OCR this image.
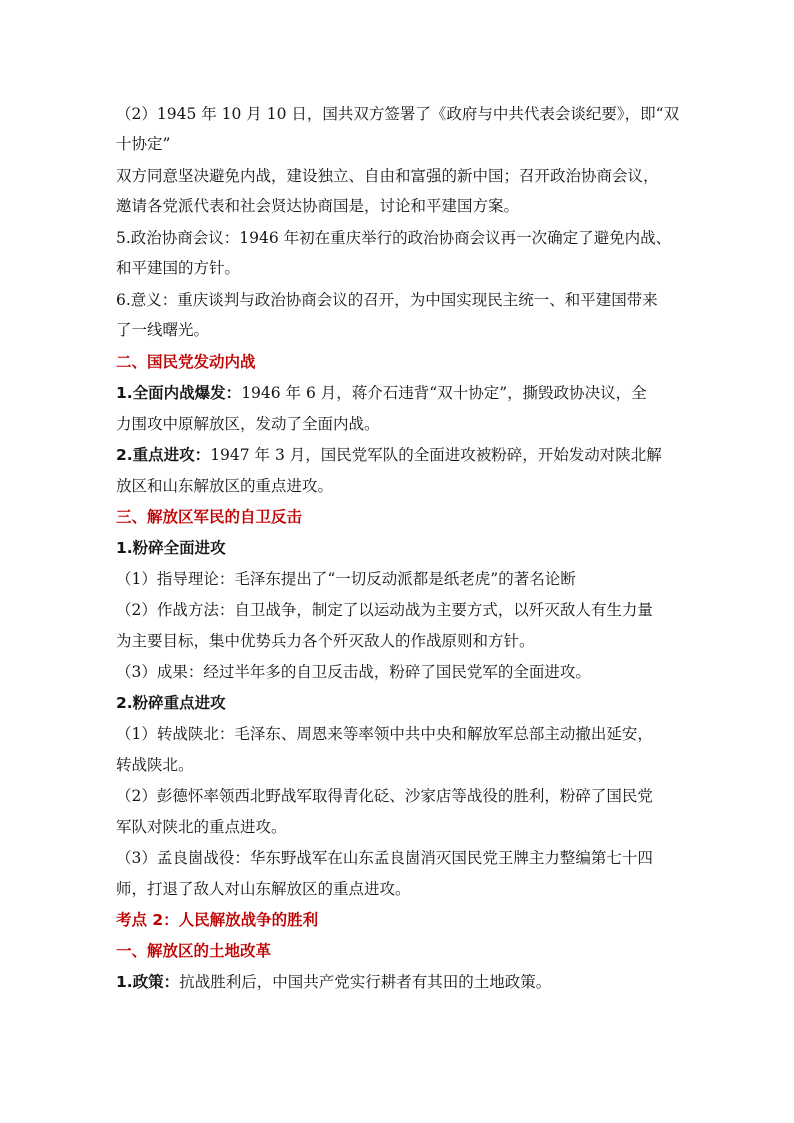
（2）1945 年 10 月 10 日，国共双方签署了《政府与中共代表会谈纪要》，即“双
十协定”
双方同意坚决避免内战，建设独立、自由和富强的新中国；召开政治协商会议，
邀请各党派代表和社会贤达协商国是，讨论和平建国方案。
5.政治协商会议：1946 年初在重庆举行的政治协商会议再一次确定了避免内战、
和平建国的方针。
6.意义：重庆谈判与政治协商会议的召开，为中国实现民主统一、和平建国带来
了一线曙光。
二、国民党发动内战
1.全面内战爆发：1946 年 6 月，蒋介石违背“双十协定”，撕毁政协决议，全
力围攻中原解放区，发动了全面内战。
2.重点进攻：1947 年 3 月，国民党军队的全面进攻被粉碎，开始发动对陕北解
放区和山东解放区的重点进攻。
三、解放区军民的自卫反击
1.粉碎全面进攻
（1）指导理论：毛泽东提出了“一切反动派都是纸老虎”的著名论断
（2）作战方法：自卫战争，制定了以运动战为主要方式，以歼灭敌人有生力量
为主要目标，集中优势兵力各个歼灭敌人的作战原则和方针。
（3）成果：经过半年多的自卫反击战，粉碎了国民党军的全面进攻。
2.粉碎重点进攻
（1）转战陕北：毛泽东、周恩来等率领中共中央和解放军总部主动撤出延安，
转战陕北。
（2）彭德怀率领西北野战军取得青化砭、沙家店等战役的胜利，粉碎了国民党
军队对陕北的重点进攻。
（3）孟良崮战役：华东野战军在山东孟良崮消灭国民党王牌主力整编第七十四
师，打退了敌人对山东解放区的重点进攻。
考点 2：人民解放战争的胜利
一、解放区的土地改革
1.政策：抗战胜利后，中国共产党实行耕者有其田的土地政策。
